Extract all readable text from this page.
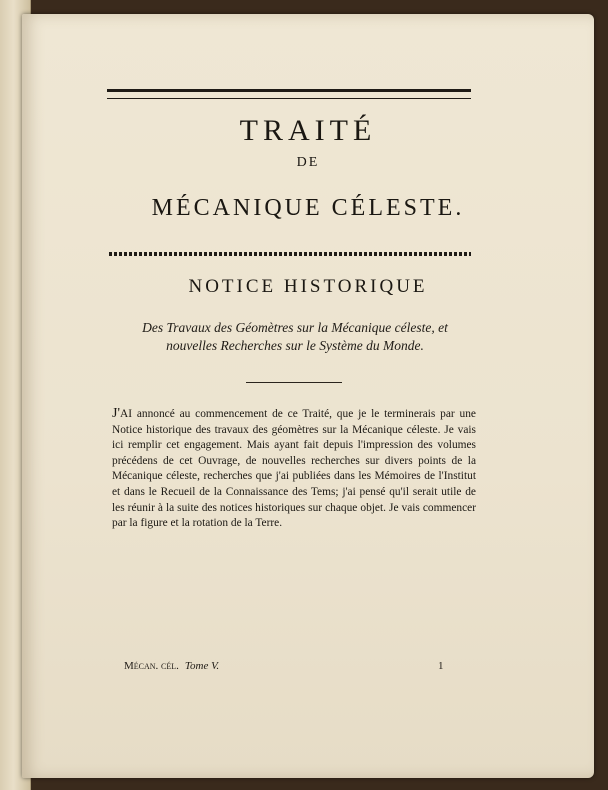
TRAITÉ
DE
MÉCANIQUE CÉLESTE.
NOTICE HISTORIQUE
Des Travaux des Géomètres sur la Mécanique céleste, et nouvelles Recherches sur le Système du Monde.
J'AI annoncé au commencement de ce Traité, que je le terminerais par une Notice historique des travaux des géomètres sur la Mécanique céleste. Je vais ici remplir cet engagement. Mais ayant fait depuis l'impression des volumes précédens de cet Ouvrage, de nouvelles recherches sur divers points de la Mécanique céleste, recherches que j'ai publiées dans les Mémoires de l'Institut et dans le Recueil de la Connaissance des Tems; j'ai pensé qu'il serait utile de les réunir à la suite des notices historiques sur chaque objet. Je vais commencer par la figure et la rotation de la Terre.
Mécan. cél. Tome V.	1
